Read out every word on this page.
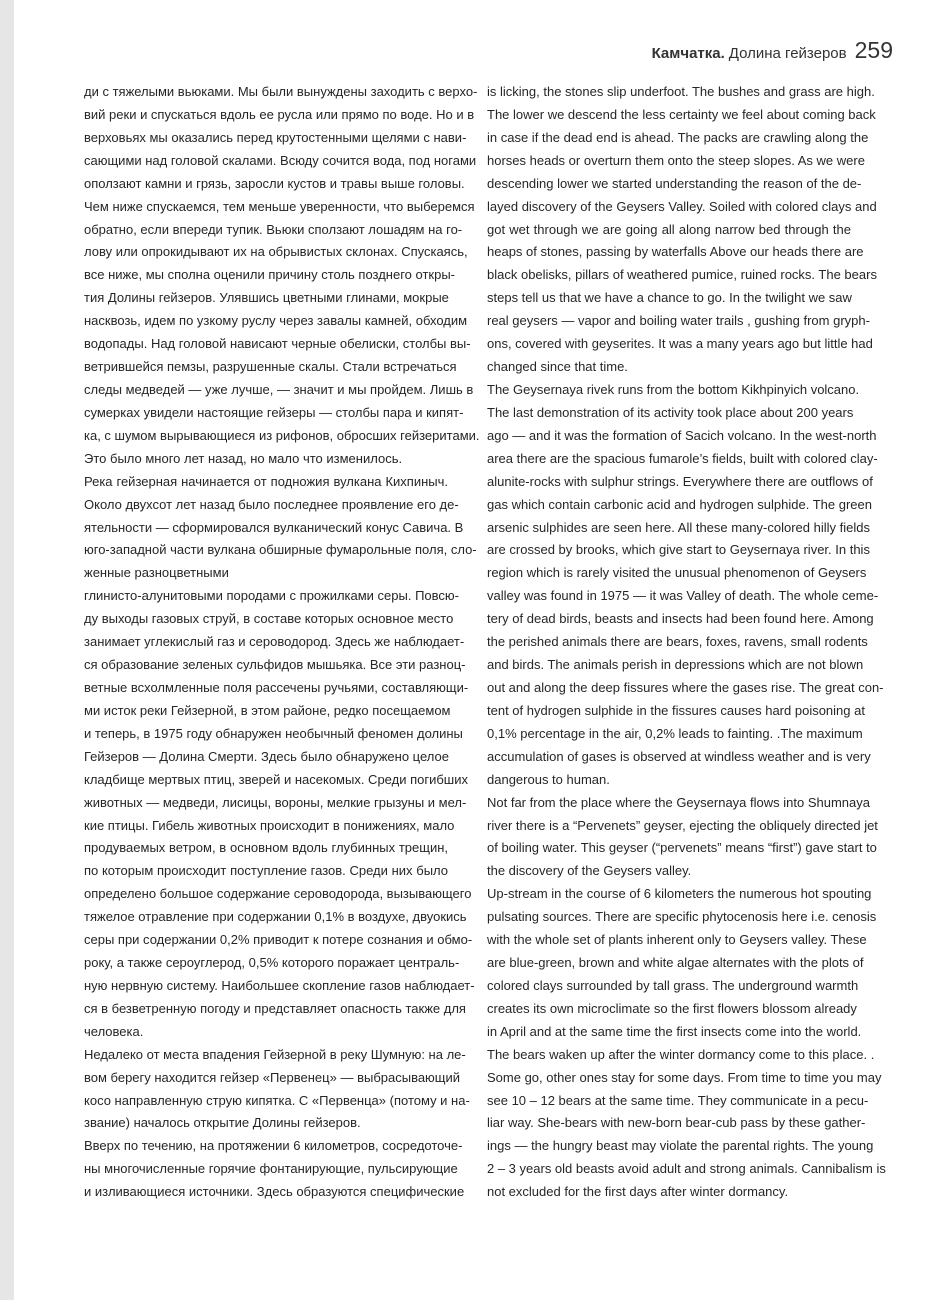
Камчатка. Долина гейзеров 259

ди с тяжелыми вьюками. Мы были вынуждены заходить с верхо-

вий реки и спускаться вдоль ее русла или прямо по воде. Но и в

верховьях мы оказались перед крутостенными щелями с нави-

сающими над головой скалами. Всюду сочится вода, под ногами

оползают камни и грязь, заросли кустов и травы выше головы.

Чем ниже спускаемся, тем меньше уверенности, что выберемся

обратно, если впереди тупик. Вьюки сползают лошадям на го-

лову или опрокидывают их на обрывистых склонах. Спускаясь,

все ниже, мы сполна оценили причину столь позднего откры-

тия Долины гейзеров. Улявшись цветными глинами, мокрые

насквозь, идем по узкому руслу через завалы камней, обходим

водопады. Над головой нависают черные обелиски, столбы вы-

ветрившейся пемзы, разрушенные скалы. Стали встречаться

следы медведей — уже лучше, — значит и мы пройдем. Лишь в

сумерках увидели настоящие гейзеры — столбы пара и кипят-

ка, с шумом вырывающиеся из рифонов, обросших гейзеритами.

Это было много лет назад, но мало что изменилось.

Река гейзерная начинается от подножия вулкана Кихпиныч.

Около двухсот лет назад было последнее проявление его де-

ятельности — сформировался вулканический конус Савича. В

юго-западной части вулкана обширные фумарольные поля, сло-

женные разноцветными

глинисто-алунитовыми породами с прожилками серы. Повсю-

ду выходы газовых струй, в составе которых основное место

занимает углекислый газ и сероводород. Здесь же наблюдает-

ся образование зеленых сульфидов мышьяка. Все эти разноц-

ветные всхолмленные поля рассечены ручьями, составляющи-

ми исток реки Гейзерной, в этом районе, редко посещаемом

и теперь, в 1975 году обнаружен необычный феномен долины

Гейзеров — Долина Смерти. Здесь было обнаружено целое

кладбище мертвых птиц, зверей и насекомых. Среди погибших

животных — медведи, лисицы, вороны, мелкие грызуны и мел-

кие птицы. Гибель животных происходит в понижениях, мало

продуваемых ветром, в основном вдоль глубинных трещин,

по которым происходит поступление газов. Среди них было

определено большое содержание сероводорода, вызывающего

тяжелое отравление при содержании 0,1% в воздухе, двуокись

серы при содержании 0,2% приводит к потере сознания и обмо-

року, а также сероуглерод, 0,5% которого поражает централь-

ную нервную систему. Наибольшее скопление газов наблюдает-

ся в безветренную погоду и представляет опасность также для

человека.

Недалеко от места впадения Гейзерной в реку Шумную: на ле-

вом берегу находится гейзер «Первенец» — выбрасывающий

косо направленную струю кипятка. С «Первенца» (потому и на-

звание) началось открытие Долины гейзеров.

Вверх по течению, на протяжении 6 километров, сосредоточе-

ны многочисленные горячие фонтанирующие, пульсирующие

и изливающиеся источники. Здесь образуются специфические

is licking, the stones slip underfoot. The bushes and grass are high.

The lower we descend the less certainty we feel about coming back

in case if the dead end is ahead. The packs are crawling along the

horses heads or overturn them onto the steep slopes. As we were

descending lower we started understanding the reason of the de-

layed discovery of the Geysers Valley. Soiled with colored clays and

got wet through we are going all along narrow bed through the

heaps of stones, passing by waterfalls Above our heads there are

black obelisks, pillars of weathered pumice, ruined rocks. The bears

steps tell us that we have a chance to go. In the twilight we saw

real geysers — vapor and boiling water trails , gushing from gryph-

ons, covered with geyserites. It was a many years ago but little had

changed since that time.

The Geysernaya rivek runs from the bottom Kikhpinyich volcano.

The last demonstration of its activity took place about 200 years

ago — and it was the formation of Sacich volcano. In the west-north

area there are the spacious fumarole’s fields, built with colored clay-

alunite-rocks with sulphur strings. Everywhere there are outflows of

gas which contain carbonic acid and hydrogen sulphide. The green

arsenic sulphides are seen here. All these many-colored hilly fields

are crossed by brooks, which give start to Geysernaya river. In this

region which is rarely visited the unusual phenomenon of Geysers

valley was found in 1975 — it was Valley of death. The whole ceme-

tery of dead birds, beasts and insects had been found here. Among

the perished animals there are bears, foxes, ravens, small rodents

and birds. The animals perish in depressions which are not blown

out and along the deep fissures where the gases rise. The great con-

tent of hydrogen sulphide in the fissures causes hard poisoning at

0,1% percentage in the air, 0,2% leads to fainting. .The maximum

accumulation of gases is observed at windless weather and is very

dangerous to human.

Not far from the place where the Geysernaya flows into Shumnaya

river there is a “Pervenets” geyser, ejecting the obliquely directed jet

of boiling water. This geyser (“pervenets” means “first”) gave start to

the discovery of the Geysers valley.

Up-stream in the course of 6 kilometers the numerous hot spouting

pulsating sources. There are specific phytocenosis here i.e. cenosis

with the whole set of plants inherent only to Geysers valley. These

are blue-green, brown and white algae alternates with the plots of

colored clays surrounded by tall grass. The underground warmth

creates its own microclimate so the first flowers blossom already

in April and at the same time the first insects come into the world.

The bears waken up after the winter dormancy come to this place. .

Some go, other ones stay for some days. From time to time you may

see 10 – 12 bears at the same time. They communicate in a pecu-

liar way. She-bears with new-born bear-cub pass by these gather-

ings — the hungry beast may violate the parental rights. The young

2 – 3 years old beasts avoid adult and strong animals. Cannibalism is

not excluded for the first days after winter dormancy.
